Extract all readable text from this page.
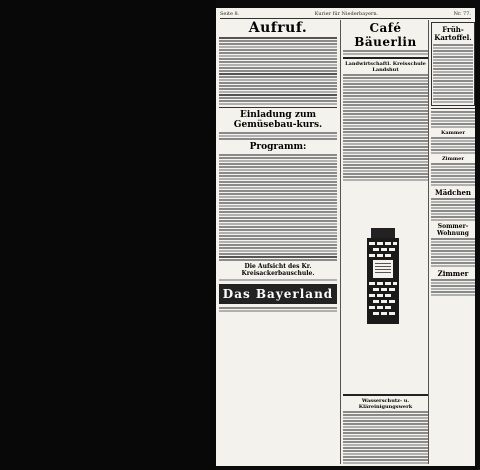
Seite 8.	Kurier für Niederbayern.	Nr. 77.
Aufruf.
Einladung zum Gemüsebau-kurs.
Programm:
Die Aufsicht des Kr. Kreisackerbauschule.
Das Bayerland
Café Bäuerlin
Landwirtschaftl. Kreisschule Landshut
Wasserschutz- u. Kläreinigungswerk
Früh-Kartoffel.
Kammer
Zimmer
Mädchen
Sommer-Wohnung
Zimmer
